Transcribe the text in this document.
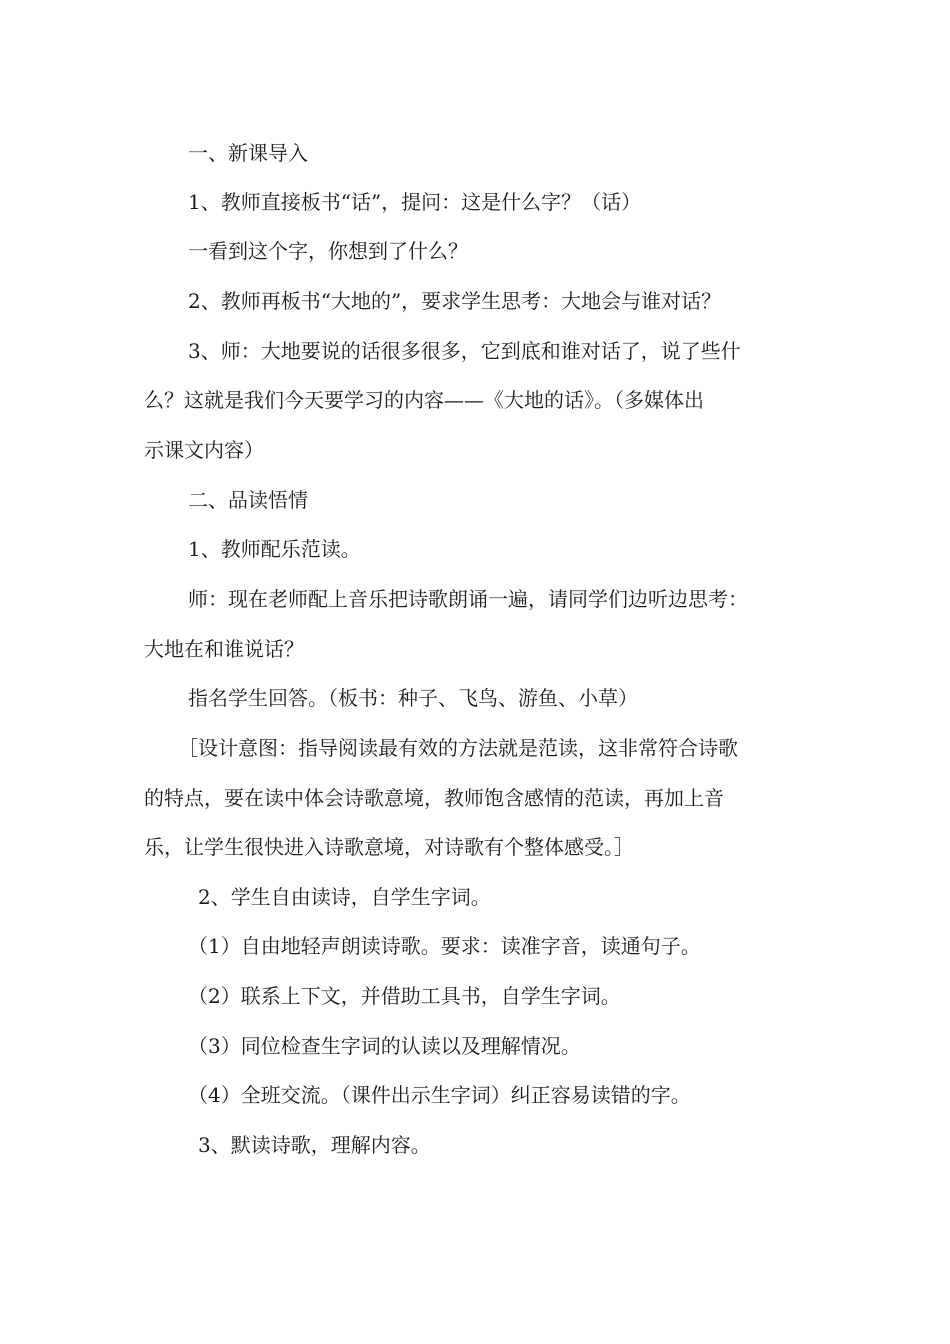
一、新课导入
1、教师直接板书“话”，提问：这是什么字？（话）
一看到这个字，你想到了什么？
2、教师再板书“大地的”，要求学生思考：大地会与谁对话？
3、师：大地要说的话很多很多，它到底和谁对话了，说了些什
么？这就是我们今天要学习的内容——《大地的话》。（多媒体出
示课文内容）
二、品读悟情
1、教师配乐范读。
师：现在老师配上音乐把诗歌朗诵一遍，请同学们边听边思考：
大地在和谁说话？
指名学生回答。（板书：种子、飞鸟、游鱼、小草）
［设计意图：指导阅读最有效的方法就是范读，这非常符合诗歌
的特点，要在读中体会诗歌意境，教师饱含感情的范读，再加上音
乐，让学生很快进入诗歌意境，对诗歌有个整体感受。］
2、学生自由读诗，自学生字词。
（1）自由地轻声朗读诗歌。要求：读准字音，读通句子。
（2）联系上下文，并借助工具书，自学生字词。
（3）同位检查生字词的认读以及理解情况。
（4）全班交流。（课件出示生字词）纠正容易读错的字。
3、默读诗歌，理解内容。
